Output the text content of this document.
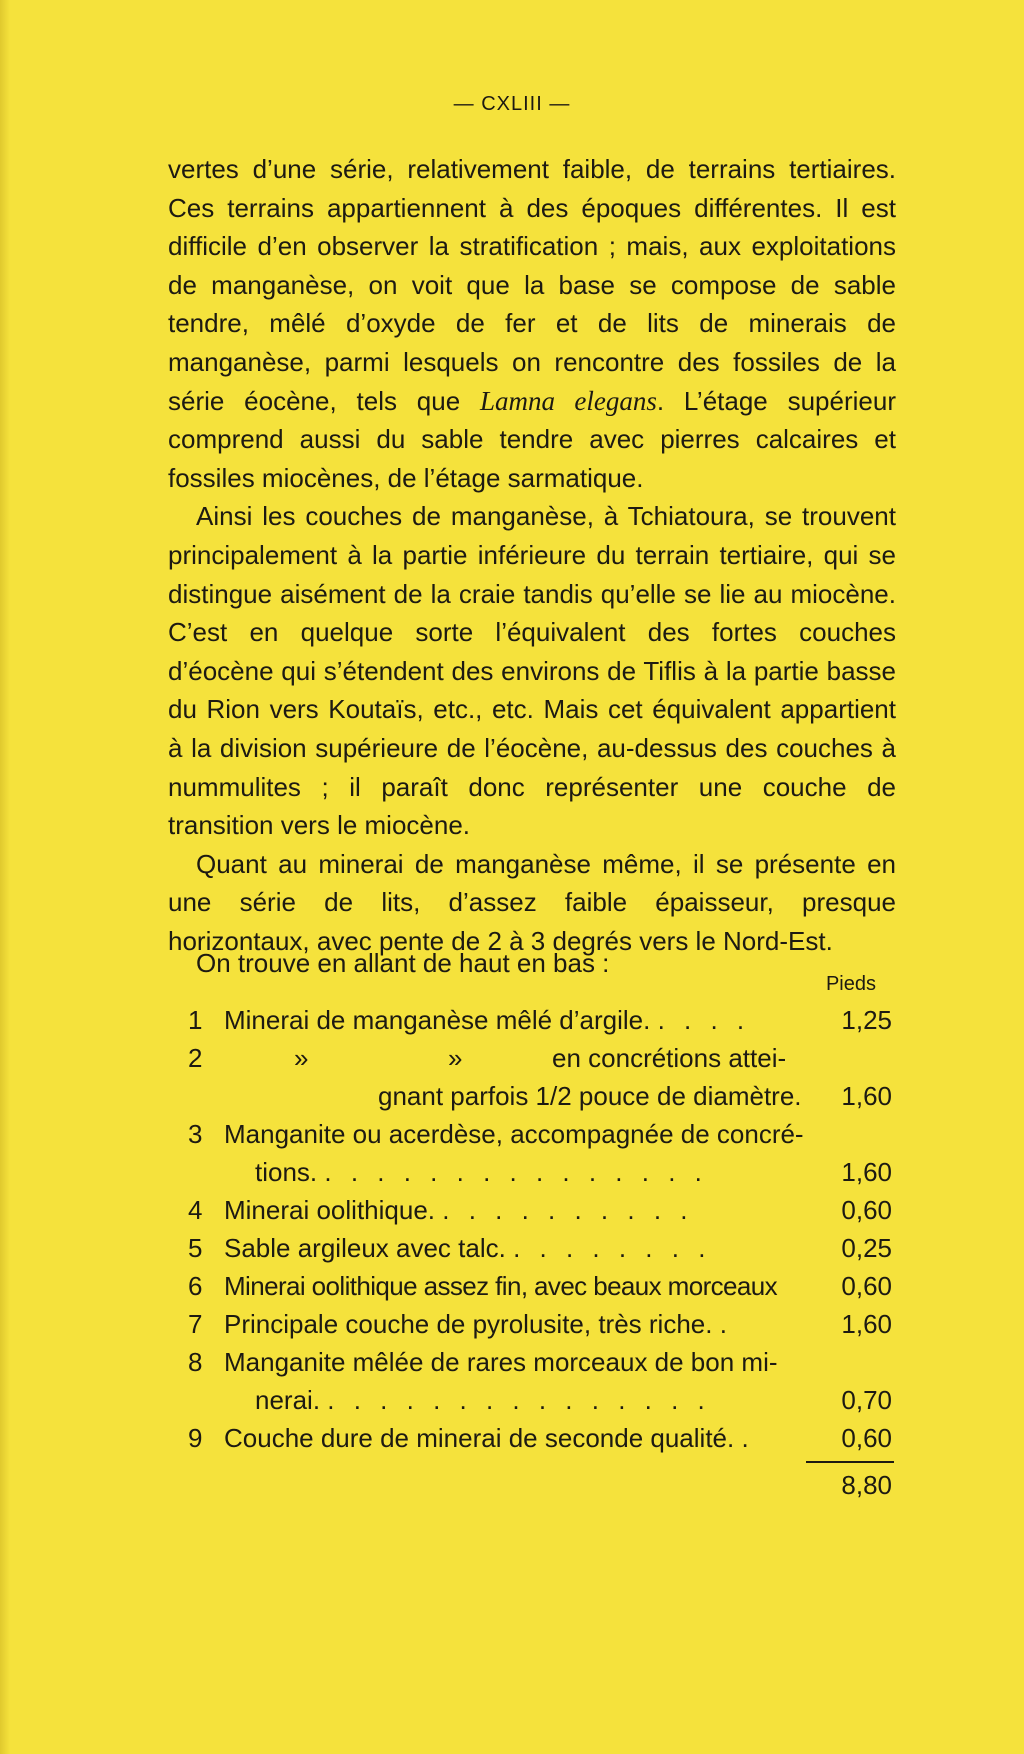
— CXLIII —

vertes d’une série, relativement faible, de terrains tertiaires. Ces terrains appartiennent à des époques différentes. Il est difficile d’en observer la stratification ; mais, aux exploitations de manganèse, on voit que la base se compose de sable tendre, mêlé d’oxyde de fer et de lits de minerais de manganèse, parmi lesquels on rencontre des fossiles de la série éocène, tels que Lamna elegans. L’étage supérieur comprend aussi du sable tendre avec pierres calcaires et fossiles miocènes, de l’étage sarmatique.

Ainsi les couches de manganèse, à Tchiatoura, se trouvent principalement à la partie inférieure du terrain tertiaire, qui se distingue aisément de la craie tandis qu’elle se lie au miocène. C’est en quelque sorte l’équivalent des fortes couches d’éocène qui s’étendent des environs de Tiflis à la partie basse du Rion vers Koutaïs, etc., etc. Mais cet équivalent appartient à la division supérieure de l’éocène, au-dessus des couches à nummulites ; il paraît donc représenter une couche de transition vers le miocène.

Quant au minerai de manganèse même, il se présente en une série de lits, d’assez faible épaisseur, presque horizontaux, avec pente de 2 à 3 degrés vers le Nord-Est.

On trouve en allant de haut en bas :
Pieds
1 Minerai de manganèse mêlé d’argile. . . . .	1,25
2	»	»	en concrétions attei-
gnant parfois 1/2 pouce de diamètre.	1,60
3 Manganite ou acerdèse, accompagnée de concré-
tions. . . . . . . . . . . . . . . .	1,60
4 Minerai oolithique. . . . . . . . . . .	0,60
5 Sable argileux avec talc. . . . . . . . .	0,25
6 Minerai oolithique assez fin, avec beaux morceaux	0,60
7 Principale couche de pyrolusite, très riche. .	1,60
8 Manganite mêlée de rares morceaux de bon mi-
nerai. . . . . . . . . . . . . . . .	0,70
9 Couche dure de minerai de seconde qualité. .	0,60
8,80
